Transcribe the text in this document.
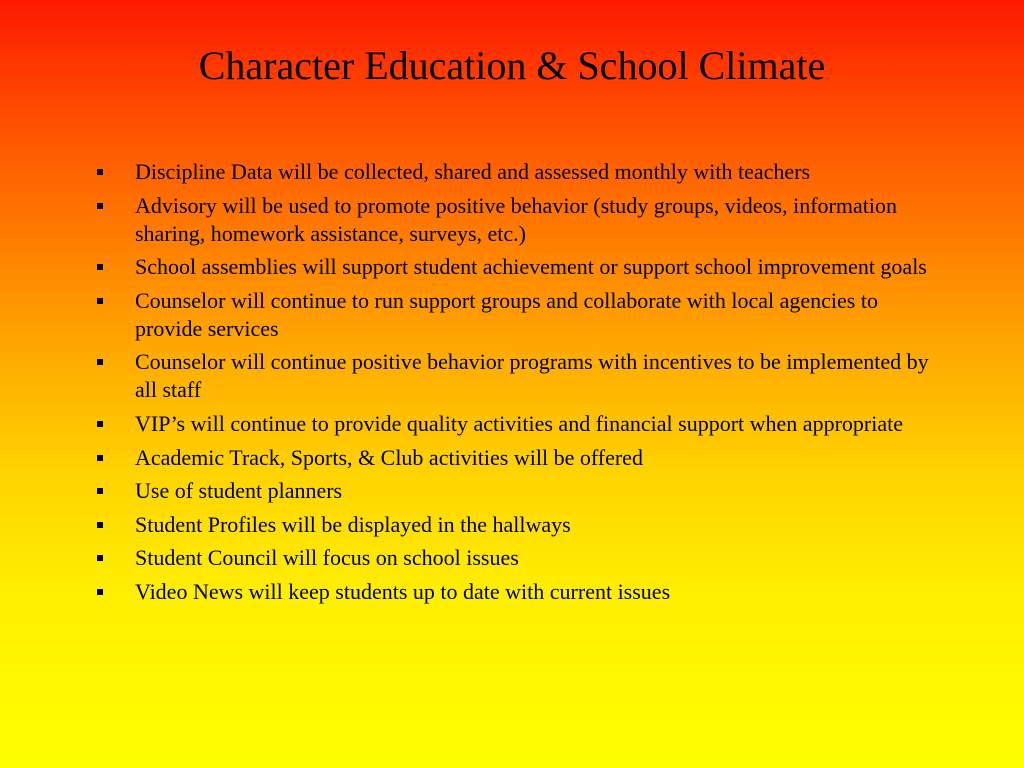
Character Education & School Climate
Discipline Data will be collected, shared and assessed monthly with teachers
Advisory will be used to promote positive behavior (study groups, videos, information sharing, homework assistance, surveys, etc.)
School assemblies will support student achievement or support school improvement goals
Counselor will continue to run support groups and collaborate with local agencies to provide services
Counselor will continue positive behavior programs with incentives to be implemented by all staff
VIP’s will continue to provide quality activities and financial support when appropriate
Academic Track, Sports, & Club activities will be offered
Use of student planners
Student Profiles will be displayed in the hallways
Student Council will focus on school issues
Video News will keep students up to date with current issues
